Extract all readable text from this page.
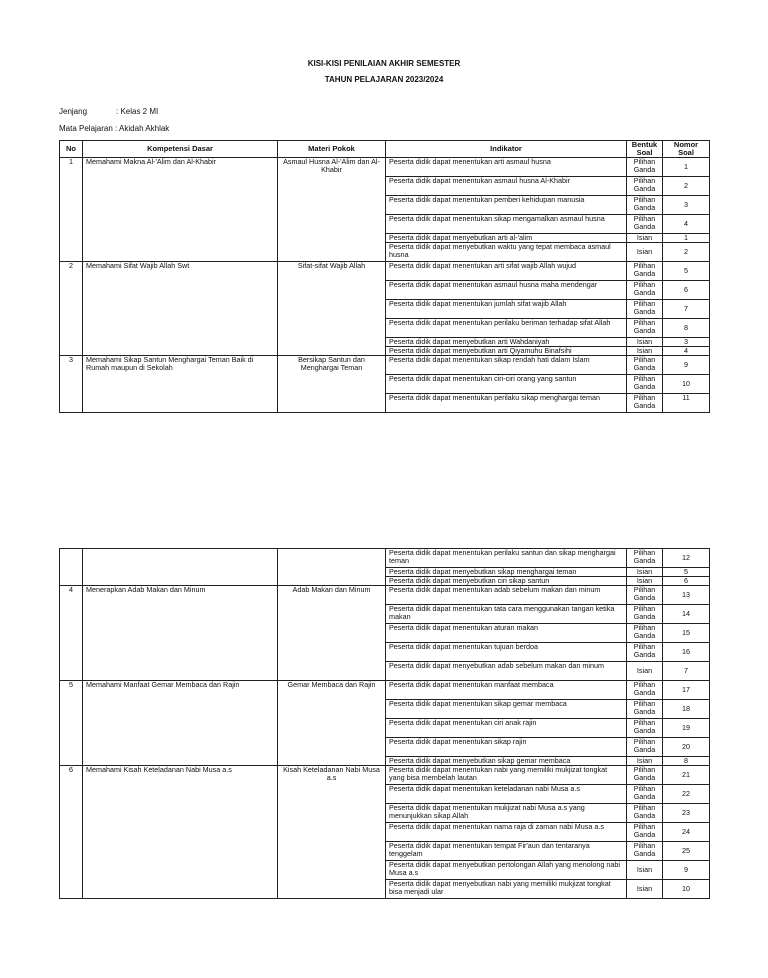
KISI-KISI PENILAIAN AKHIR SEMESTER
TAHUN PELAJARAN 2023/2024
Jenjang	: Kelas 2 MI
Mata Pelajaran : Akidah Akhlak
No	Kompetensi Dasar	Materi Pokok	Indikator	Bentuk Soal	Nomor Soal
1	Memahami Makna Al-'Alim dan Al-Khabir	Asmaul Husna Al-'Alim dan Al-Khabir	Peserta didik dapat menentukan arti asmaul husna	Pilihan Ganda	1
			Peserta didik dapat menentukan asmaul husna Al-Khabir	Pilihan Ganda	2
			Peserta didik dapat menentukan pemberi kehidupan manusia	Pilihan Ganda	3
			Peserta didik dapat menentukan sikap mengamalkan asmaul husna	Pilihan Ganda	4
			Peserta didik dapat menyebutkan arti al-'alim	Isian	1
			Peserta didik dapat menyebutkan waktu yang tepat membaca asmaul husna	Isian	2
2	Memahami Sifat Wajib Allah Swt	Sifat-sifat Wajib Allah	Peserta didik dapat menentukan arti sifat wajib Allah wujud	Pilihan Ganda	5
			Peserta didik dapat menentukan asmaul husna maha mendengar	Pilihan Ganda	6
			Peserta didik dapat menentukan jumlah sifat wajib Allah	Pilihan Ganda	7
			Peserta didik dapat menentukan perilaku beriman terhadap sifat Allah	Pilihan Ganda	8
			Peserta didik dapat menyebutkan arti Wahdaniyah	Isian	3
			Peserta didik dapat menyebutkan arti Qiyamuhu Binafsihi	Isian	4
3	Memahami Sikap Santun Menghargai Teman Baik di Rumah maupun di Sekolah	Bersikap Santun dan Menghargai Teman	Peserta didik dapat menentukan sikap rendah hati dalam Islam	Pilihan Ganda	9
			Peserta didik dapat menentukan ciri-ciri orang yang santun	Pilihan Ganda	10
			Peserta didik dapat menentukan perilaku sikap menghargai teman	Pilihan Ganda	11
			Peserta didik dapat menentukan perilaku santun dan sikap menghargai teman	Pilihan Ganda	12
			Peserta didik dapat menyebutkan sikap menghargai teman	Isian	5
			Peserta didik dapat menyebutkan ciri sikap santun	Isian	6
4	Menerapkan Adab Makan dan Minum	Adab Makan dan Minum	Peserta didik dapat menentukan adab sebelum makan dan minum	Pilihan Ganda	13
			Peserta didik dapat menentukan tata cara menggunakan tangan ketika makan	Pilihan Ganda	14
			Peserta didik dapat menentukan aturan makan	Pilihan Ganda	15
			Peserta didik dapat menentukan tujuan berdoa	Pilihan Ganda	16
			Peserta didik dapat menyebutkan adab sebelum makan dan minum	Isian	7
5	Memahami Manfaat Gemar Membaca dan Rajin	Gemar Membaca dan Rajin	Peserta didik dapat menentukan manfaat membaca	Pilihan Ganda	17
			Peserta didik dapat menentukan sikap gemar membaca	Pilihan Ganda	18
			Peserta didik dapat menentukan ciri anak rajin	Pilihan Ganda	19
			Peserta didik dapat menentukan sikap rajin	Pilihan Ganda	20
			Peserta didik dapat menyebutkan sikap gemar membaca	Isian	8
6	Memahami Kisah Keteladanan Nabi Musa a.s	Kisah Keteladanan Nabi Musa a.s	Peserta didik dapat menentukan nabi yang memiliki mukjizat tongkat yang bisa membelah lautan	Pilihan Ganda	21
			Peserta didik dapat menentukan keteladanan nabi Musa a.s	Pilihan Ganda	22
			Peserta didik dapat menentukan mukjizat nabi Musa a.s yang menunjukkan sikap Allah	Pilihan Ganda	23
			Peserta didik dapat menentukan nama raja di zaman nabi Musa a.s	Pilihan Ganda	24
			Peserta didik dapat menentukan tempat Fir'aun dan tentaranya tenggelam	Pilihan Ganda	25
			Peserta didik dapat menyebutkan pertolongan Allah yang menolong nabi Musa a.s	Isian	9
			Peserta didik dapat menyebutkan nabi yang memiliki mukjizat tongkat bisa menjadi ular	Isian	10
